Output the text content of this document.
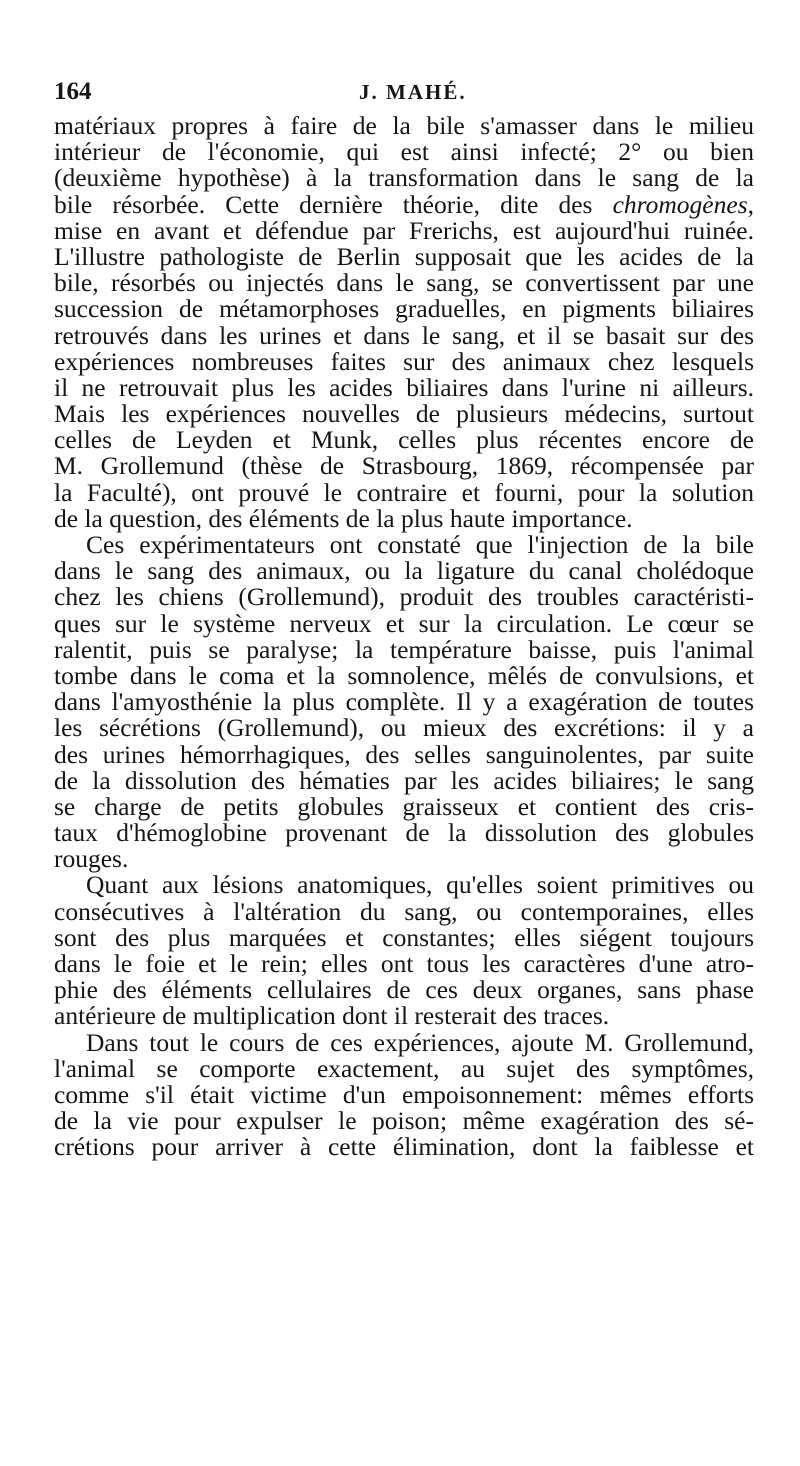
164	J. MAHÉ.
matériaux propres à faire de la bile s'amasser dans le milieu
intérieur de l'économie, qui est ainsi infecté; 2° ou bien
(deuxième hypothèse) à la transformation dans le sang de la
bile résorbée. Cette dernière théorie, dite des chromogènes,
mise en avant et défendue par Frerichs, est aujourd'hui ruinée.
L'illustre pathologiste de Berlin supposait que les acides de la
bile, résorbés ou injectés dans le sang, se convertissent par une
succession de métamorphoses graduelles, en pigments biliaires
retrouvés dans les urines et dans le sang, et il se basait sur des
expériences nombreuses faites sur des animaux chez lesquels
il ne retrouvait plus les acides biliaires dans l'urine ni ailleurs.
Mais les expériences nouvelles de plusieurs médecins, surtout
celles de Leyden et Munk, celles plus récentes encore de
M. Grollemund (thèse de Strasbourg, 1869, récompensée par
la Faculté), ont prouvé le contraire et fourni, pour la solution
de la question, des éléments de la plus haute importance.
Ces expérimentateurs ont constaté que l'injection de la bile
dans le sang des animaux, ou la ligature du canal cholédoque
chez les chiens (Grollemund), produit des troubles caractéristi-
ques sur le système nerveux et sur la circulation. Le cœur se
ralentit, puis se paralyse; la température baisse, puis l'animal
tombe dans le coma et la somnolence, mêlés de convulsions, et
dans l'amyosthénie la plus complète. Il y a exagération de toutes
les sécrétions (Grollemund), ou mieux des excrétions: il y a
des urines hémorrhagiques, des selles sanguinolentes, par suite
de la dissolution des hématies par les acides biliaires; le sang
se charge de petits globules graisseux et contient des cris-
taux d'hémoglobine provenant de la dissolution des globules
rouges.
Quant aux lésions anatomiques, qu'elles soient primitives ou
consécutives à l'altération du sang, ou contemporaines, elles
sont des plus marquées et constantes; elles siégent toujours
dans le foie et le rein; elles ont tous les caractères d'une atro-
phie des éléments cellulaires de ces deux organes, sans phase
antérieure de multiplication dont il resterait des traces.
Dans tout le cours de ces expériences, ajoute M. Grollemund,
l'animal se comporte exactement, au sujet des symptômes,
comme s'il était victime d'un empoisonnement: mêmes efforts
de la vie pour expulser le poison; même exagération des sé-
crétions pour arriver à cette élimination, dont la faiblesse et
